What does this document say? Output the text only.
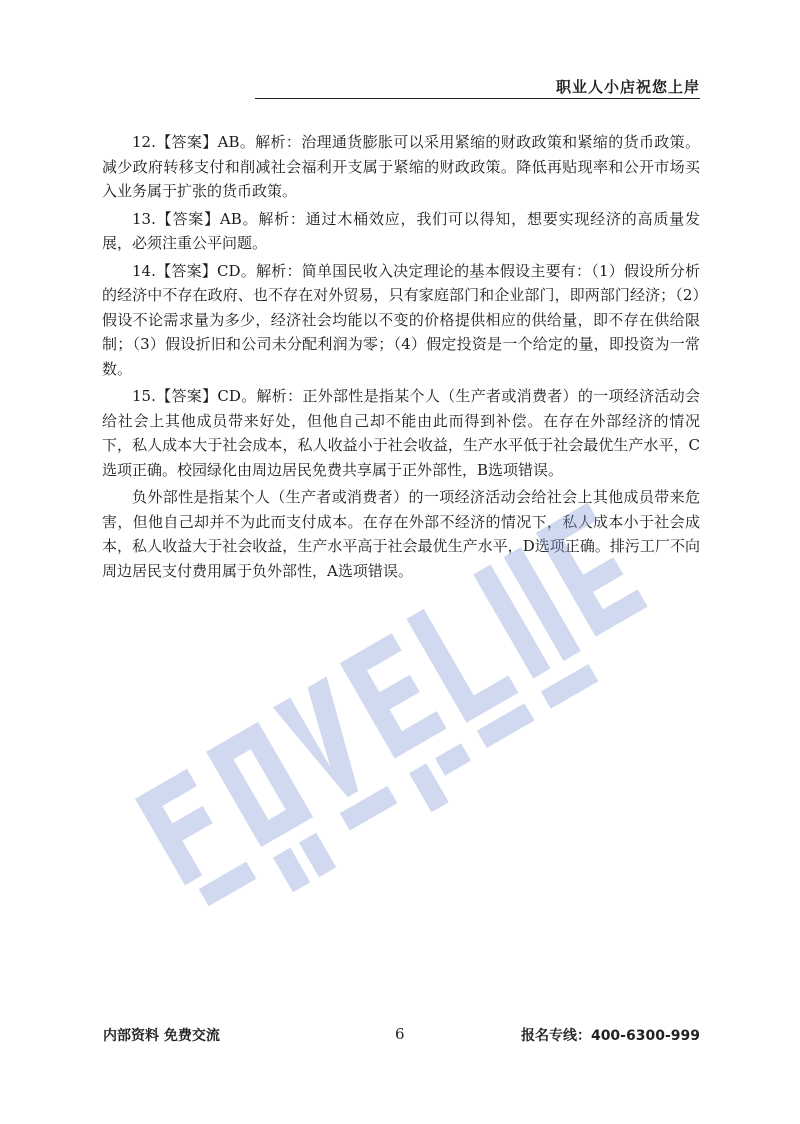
职业人小店祝您上岸

12.【答案】AB。解析：治理通货膨胀可以采用紧缩的财政政策和紧缩的货币政策。减少政府转移支付和削减社会福利开支属于紧缩的财政政策。降低再贴现率和公开市场买入业务属于扩张的货币政策。

13.【答案】AB。解析：通过木桶效应，我们可以得知，想要实现经济的高质量发展，必须注重公平问题。

14.【答案】CD。解析：简单国民收入决定理论的基本假设主要有：（1）假设所分析的经济中不存在政府、也不存在对外贸易，只有家庭部门和企业部门，即两部门经济；（2）假设不论需求量为多少，经济社会均能以不变的价格提供相应的供给量，即不存在供给限制；（3）假设折旧和公司未分配利润为零；（4）假定投资是一个给定的量，即投资为一常数。

15.【答案】CD。解析：正外部性是指某个人（生产者或消费者）的一项经济活动会给社会上其他成员带来好处，但他自己却不能由此而得到补偿。在存在外部经济的情况下，私人成本大于社会成本，私人收益小于社会收益，生产水平低于社会最优生产水平，C选项正确。校园绿化由周边居民免费共享属于正外部性，B选项错误。

负外部性是指某个人（生产者或消费者）的一项经济活动会给社会上其他成员带来危害，但他自己却并不为此而支付成本。在存在外部不经济的情况下，私人成本小于社会成本，私人收益大于社会收益，生产水平高于社会最优生产水平，D选项正确。排污工厂不向周边居民支付费用属于负外部性，A选项错误。

内部资料 免费交流	6	报名专线：400-6300-999
